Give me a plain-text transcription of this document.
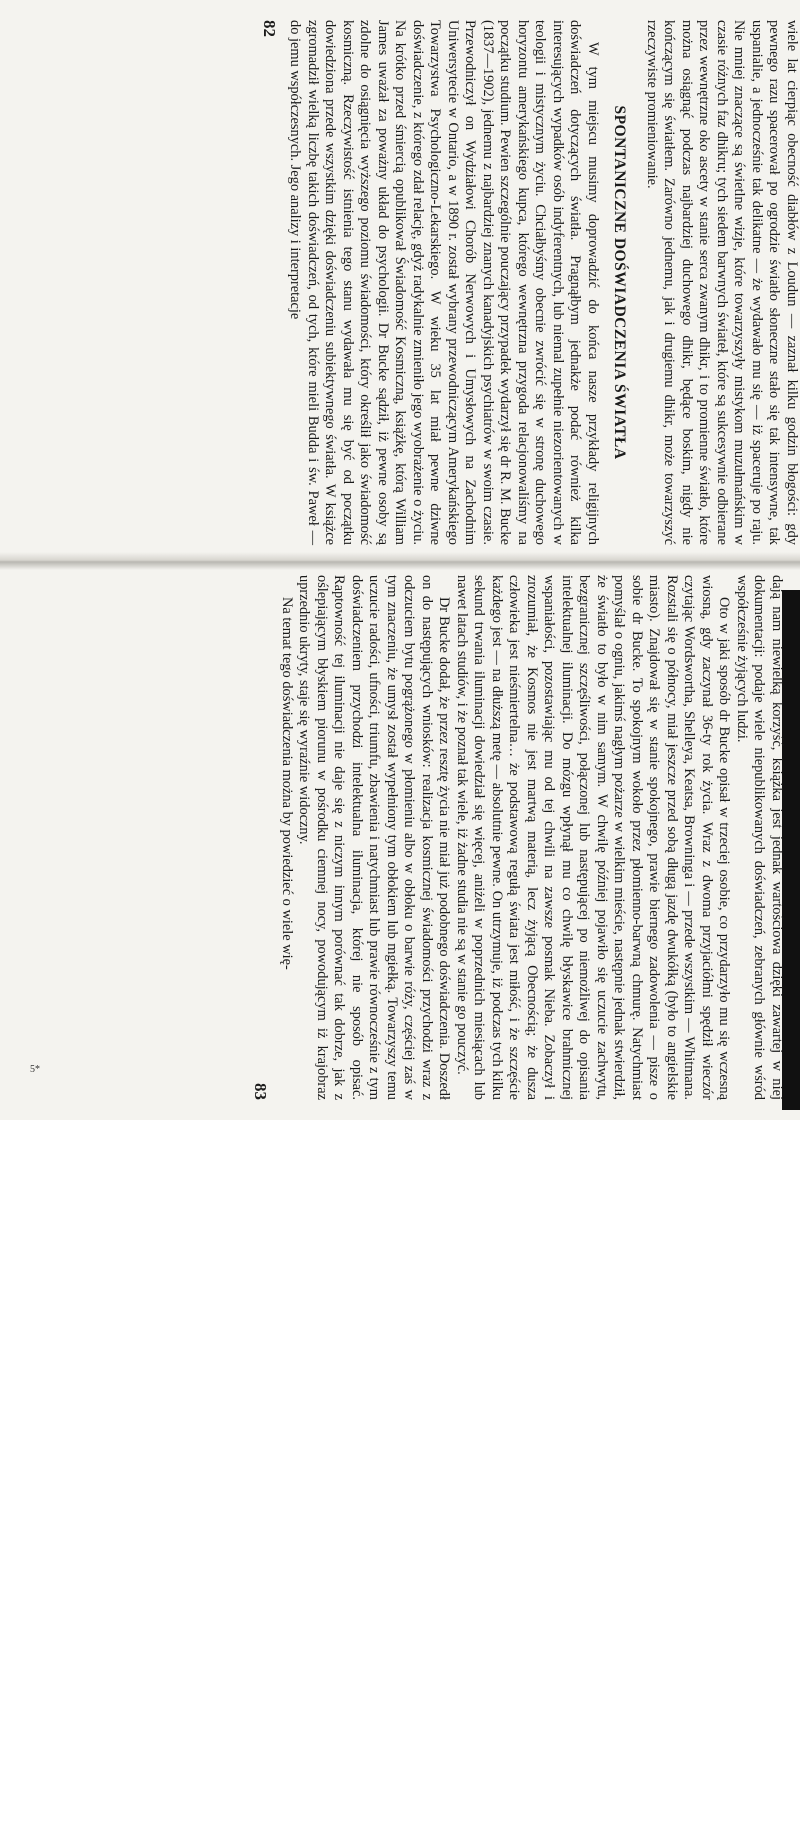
wiele lat cierpiąc obecność diabłów z Loudun — zaznał kilku godzin błogości: gdy pewnego razu spacerował po ogrodzie światło słoneczne stało się tak intensywne, tak uspanialie, a jednocześnie tak delikatne — że wydawało mu się — iż spaceruje po raju. Nie mniej znaczące są świetlne wizje, które towarzyszyły mistykom muzułmańskim w czasie różnych faz dhikru; tych siedem barwnych świateł, które są sukcesywnie odbierane przez wewnętrzne oko ascety w stanie serca zwanym dhikr, i to promienne światło, które można osiągnąć podczas najbardziej duchowego dhikr, będące boskim, nigdy nie kończącym się światłem. Zarówno jednemu, jak i drugiemu dhikr, może towarzyszyć rzeczywiste promieniowanie.

SPONTANICZNE DOŚWIADCZENIA ŚWIATŁA

W tym miejscu musimy doprowadzić do końca nasze przykłady religijnych doświadczeń dotyczących światła. Pragnąłbym jednakże podać również kilka interesujących wypadków osób indyferentnych, lub niemal zupełnie niezorientowanych w teologii i mistycznym życiu. Chciałbyśmy obecnie zwrócić się w stronę duchowego horyzontu amerykańskiego kupca, którego wewnętrzna przygoda relacjonowaliśmy na początku studium. Pewien szczególnie pouczający przypadek wydarzył się dr R. M. Bucke (1837—1902), jednemu z najbardziej znanych kanadyjskich psychiatrów w swoim czasie. Przewodniczył on Wydziałowi Chorób Nerwowych i Umysłowych na Zachodnim Uniwersytecie w Ontario, a w 1890 r. został wybrany przewodniczącym Amerykańskiego Towarzystwa Psychologiczno-Lekarskiego. W wieku 35 lat miał pewne dziwne doświadczenie, z którego zdał relację, gdyż radykalnie zmieniło jego wyobrażenie o życiu. Na krótko przed śmiercią opublikował Świadomość Kosmiczną, książkę, którą William James uważał za poważny układ do psychologii. Dr Bucke sądził, iż pewne osoby są zdolne do osiągnięcia wyższego poziomu świadomości, który określił jako świadomość kosmiczną. Rzeczywistość istnienia tego stanu wydawała mu się być od początku dowiedziona przede wszystkim dzięki doświadczeniu subiektywnego światła. W książce zgromadził wielką liczbę takich doświadczeń, od tych, które mieli Budda i św. Paweł — do jemu współczesnych. Jego analizy i interpretacje

82

dają nam niewielką korzyść, książka jest jednak wartościowa dzięki zawartej w niej dokumentacji: podaje wiele niepublikowanych doświadczeń, zebranych głównie wśród współcześnie żyjących ludzi.

Oto w jaki sposób dr Bucke opisał w trzeciej osobie, co przydarzyło mu się wczesną wiosną, gdy zaczynał 36-ty rok życia. Wraz z dwoma przyjaciółmi spędził wieczór czytając Wordswortha, Shelleya, Keatsa, Browninga i — przede wszystkim — Whitmana. Rozstali się o północy, miał jeszcze przed sobą długą jazdę dwukółką (było to angielskie miasto). Znajdował się w stanie spokojnego, prawie biernego zadowolenia — pisze o sobie dr Bucke. To spokojnym wokoło przez płomienno-barwną chmurę. Natychmiast pomyślał o ogniu, jakimś nagłym pożarze w wielkim mieście, następnie jednak stwierdził, że światło to było w nim samym. W chwilę później pojawiło się uczucie zachwytu, bezgranicznej szczęśliwości, połączonej lub następującej po niemożliwej do opisania intelektualnej iluminacji. Do mózgu wpłynął mu co chwilę błyskawice brahmicznej wspaniałości, pozostawiając mu od tej chwili na zawsze posmak Nieba. Zobaczył i zrozumiał, że Kosmos nie jest martwą materią, lecz żyjącą Obecnością; że dusza człowieka jest nieśmiertelna… że podstawową regułą świata jest miłość, i że szczęście każdego jest — na dłuższą metę — absolutnie pewne. On utrzymuje, iż podczas tych kilku sekund trwania iluminacji dowiedział się więcej, aniżeli w poprzednich miesiącach lub nawet latach studiów, i że poznał tak wiele, iż żadne studia nie są w stanie go pouczyć.

Dr Bucke dodał, że przez resztę życia nie miał już podobnego doświadczenia. Doszedł on do następujących wniosków: realizacja kosmicznej świadomości przychodzi wraz z odczuciem bytu pogrążonego w płomieniu albo w obłoku o barwie róży, częściej zaś w tym znaczeniu, że umysł został wypełniony tym obłokiem lub mgiełką. Towarzyszy temu uczucie radości, ufności, triumfu, zbawienia i natychmiast lub prawie równocześnie z tym doświadczeniem przychodzi intelektualna iluminacja, której nie sposób opisać. Raptowność tej iluminacji nie daje się z niczym innym porównać tak dobrze, jak z oślepiającym błyskiem piorunu w pośrodku ciemnej nocy, powodującym iż krajobraz uprzednio ukryty, staje się wyraźnie widoczny.

Na temat tego doświadczenia można by powiedzieć o wiele wię-

83
5*
